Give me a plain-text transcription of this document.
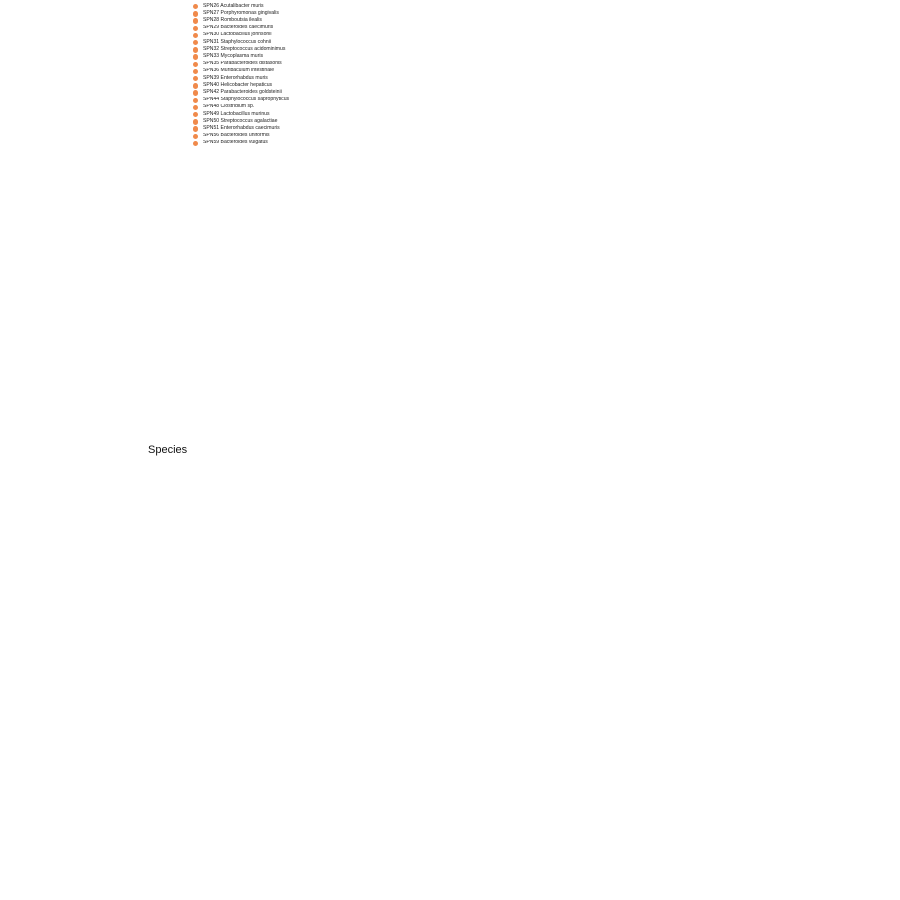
Species
SPN26 Acutalibacter muris
SPN27 Porphyromonas gingivalis
SPN28 Romboutsia ilealis
SPN29 Bacteroides caecimuris
SPN30 Lactobacillus johnsonii
SPN31 Staphylococcus cohnii
SPN32 Streptococcus acidominimus
SPN33 Mycoplasma muris
SPN35 Parabacteroides distasonis
SPN36 Muribaculum intestinale
SPN39 Enterorhabdus muris
SPN40 Helicobacter hepaticus
SPN42 Parabacteroides goldsteinii
SPN44 Staphylococcus saprophyticus
SPN48 Clostridium sp.
SPN49 Lactobacillus murinus
SPN50 Streptococcus agalactiae
SPN51 Enterorhabdus caecimuris
SPN56 Bacteroides uniformis
SPN59 Bacteroides vulgatus
